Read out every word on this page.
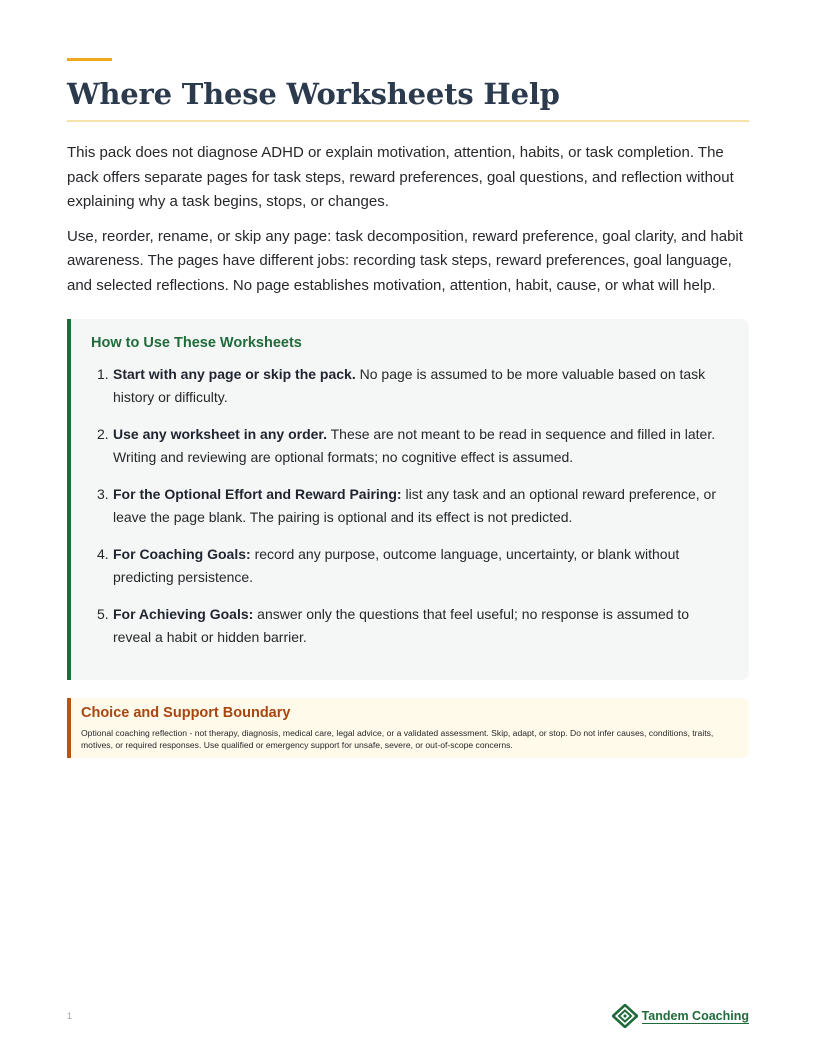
Where These Worksheets Help

This pack does not diagnose ADHD or explain motivation, attention, habits, or task completion. The pack offers separate pages for task steps, reward preferences, goal questions, and reflection without explaining why a task begins, stops, or changes.

Use, reorder, rename, or skip any page: task decomposition, reward preference, goal clarity, and habit awareness. The pages have different jobs: recording task steps, reward preferences, goal language, and selected reflections. No page establishes motivation, attention, habit, cause, or what will help.

How to Use These Worksheets
1. Start with any page or skip the pack. No page is assumed to be more valuable based on task history or difficulty.
2. Use any worksheet in any order. These are not meant to be read in sequence and filled in later. Writing and reviewing are optional formats; no cognitive effect is assumed.
3. For the Optional Effort and Reward Pairing: list any task and an optional reward preference, or leave the page blank. The pairing is optional and its effect is not predicted.
4. For Coaching Goals: record any purpose, outcome language, uncertainty, or blank without predicting persistence.
5. For Achieving Goals: answer only the questions that feel useful; no response is assumed to reveal a habit or hidden barrier.
Choice and Support Boundary
Optional coaching reflection - not therapy, diagnosis, medical care, legal advice, or a validated assessment. Skip, adapt, or stop. Do not infer causes, conditions, traits, motives, or required responses. Use qualified or emergency support for unsafe, severe, or out-of-scope concerns.
1	Tandem Coaching
